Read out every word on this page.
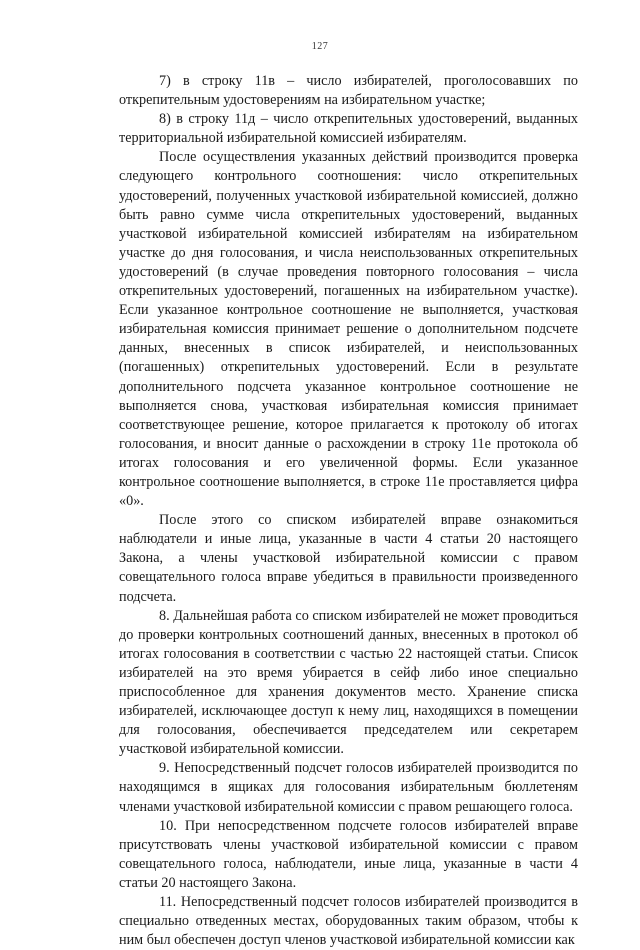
127

7) в строку 11в – число избирателей, проголосовавших по открепительным удостоверениям на избирательном участке;

8) в строку 11д – число открепительных удостоверений, выданных территориальной избирательной комиссией избирателям.

После осуществления указанных действий производится проверка следующего контрольного соотношения: число открепительных удостоверений, полученных участковой избирательной комиссией, должно быть равно сумме числа открепительных удостоверений, выданных участковой избирательной комиссией избирателям на избирательном участке до дня голосования, и числа неиспользованных открепительных удостоверений (в случае проведения повторного голосования – числа открепительных удостоверений, погашенных на избирательном участке). Если указанное контрольное соотношение не выполняется, участковая избирательная комиссия принимает решение о дополнительном подсчете данных, внесенных в список избирателей, и неиспользованных (погашенных) открепительных удостоверений. Если в результате дополнительного подсчета указанное контрольное соотношение не выполняется снова, участковая избирательная комиссия принимает соответствующее решение, которое прилагается к протоколу об итогах голосования, и вносит данные о расхождении в строку 11е протокола об итогах голосования и его увеличенной формы. Если указанное контрольное соотношение выполняется, в строке 11е проставляется цифра «0».

После этого со списком избирателей вправе ознакомиться наблюдатели и иные лица, указанные в части 4 статьи 20 настоящего Закона, а члены участковой избирательной комиссии с правом совещательного голоса вправе убедиться в правильности произведенного подсчета.

8. Дальнейшая работа со списком избирателей не может проводиться до проверки контрольных соотношений данных, внесенных в протокол об итогах голосования в соответствии с частью 22 настоящей статьи. Список избирателей на это время убирается в сейф либо иное специально приспособленное для хранения документов место. Хранение списка избирателей, исключающее доступ к нему лиц, находящихся в помещении для голосования, обеспечивается председателем или секретарем участковой избирательной комиссии.

9. Непосредственный подсчет голосов избирателей производится по находящимся в ящиках для голосования избирательным бюллетеням членами участковой избирательной комиссии с правом решающего голоса.

10. При непосредственном подсчете голосов избирателей вправе присутствовать члены участковой избирательной комиссии с правом совещательного голоса, наблюдатели, иные лица, указанные в части 4 статьи 20 настоящего Закона.

11. Непосредственный подсчет голосов избирателей производится в специально отведенных местах, оборудованных таким образом, чтобы к ним был обеспечен доступ членов участковой избирательной комиссии как
